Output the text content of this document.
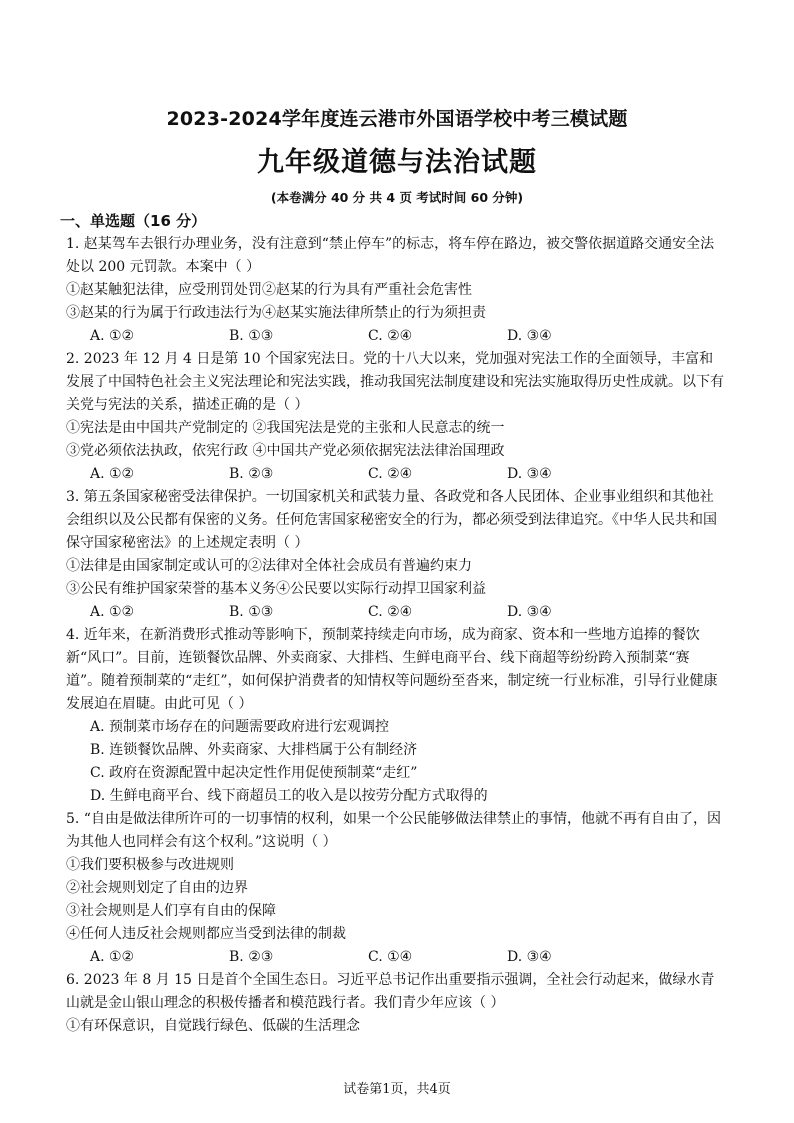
2023-2024学年度连云港市外国语学校中考三模试题
九年级道德与法治试题
(本卷满分 40 分 共 4 页 考试时间 60 分钟)
一、单选题（16 分）

1. 赵某驾车去银行办理业务，没有注意到“禁止停车”的标志，将车停在路边，被交警依据道路交通安全法处以 200 元罚款。本案中（ ）

①赵某触犯法律，应受刑罚处罚②赵某的行为具有严重社会危害性

③赵某的行为属于行政违法行为④赵某实施法律所禁止的行为须担责

A. ①②	B. ①③	C. ②④	D. ③④

2. 2023 年 12 月 4 日是第 10 个国家宪法日。党的十八大以来，党加强对宪法工作的全面领导，丰富和发展了中国特色社会主义宪法理论和宪法实践，推动我国宪法制度建设和宪法实施取得历史性成就。以下有关党与宪法的关系，描述正确的是（ ）

①宪法是由中国共产党制定的 ②我国宪法是党的主张和人民意志的统一

③党必须依法执政，依宪行政 ④中国共产党必须依据宪法法律治国理政

A. ①②	B. ②③	C. ②④	D. ③④

3. 第五条国家秘密受法律保护。一切国家机关和武装力量、各政党和各人民团体、企业事业组织和其他社会组织以及公民都有保密的义务。任何危害国家秘密安全的行为，都必须受到法律追究。《中华人民共和国保守国家秘密法》的上述规定表明（ ）

①法律是由国家制定或认可的②法律对全体社会成员有普遍约束力

③公民有维护国家荣誉的基本义务④公民要以实际行动捍卫国家利益

A. ①②	B. ①③	C. ②④	D. ③④

4. 近年来，在新消费形式推动等影响下，预制菜持续走向市场，成为商家、资本和一些地方追捧的餐饮新“风口”。目前，连锁餐饮品牌、外卖商家、大排档、生鲜电商平台、线下商超等纷纷跨入预制菜“赛道”。随着预制菜的“走红”，如何保护消费者的知情权等问题纷至沓来，制定统一行业标准，引导行业健康发展迫在眉睫。由此可见（ ）

A. 预制菜市场存在的问题需要政府进行宏观调控

B. 连锁餐饮品牌、外卖商家、大排档属于公有制经济

C. 政府在资源配置中起决定性作用促使预制菜“走红”

D. 生鲜电商平台、线下商超员工的收入是以按劳分配方式取得的

5. “自由是做法律所许可的一切事情的权利，如果一个公民能够做法律禁止的事情，他就不再有自由了，因为其他人也同样会有这个权利。”这说明（ ）

①我们要积极参与改进规则

②社会规则划定了自由的边界

③社会规则是人们享有自由的保障

④任何人违反社会规则都应当受到法律的制裁

A. ①②	B. ②③	C. ①④	D. ③④

6. 2023 年 8 月 15 日是首个全国生态日。习近平总书记作出重要指示强调，全社会行动起来，做绿水青山就是金山银山理念的积极传播者和模范践行者。我们青少年应该（ ）

①有环保意识，自觉践行绿色、低碳的生活理念

试卷第1页，共4页
